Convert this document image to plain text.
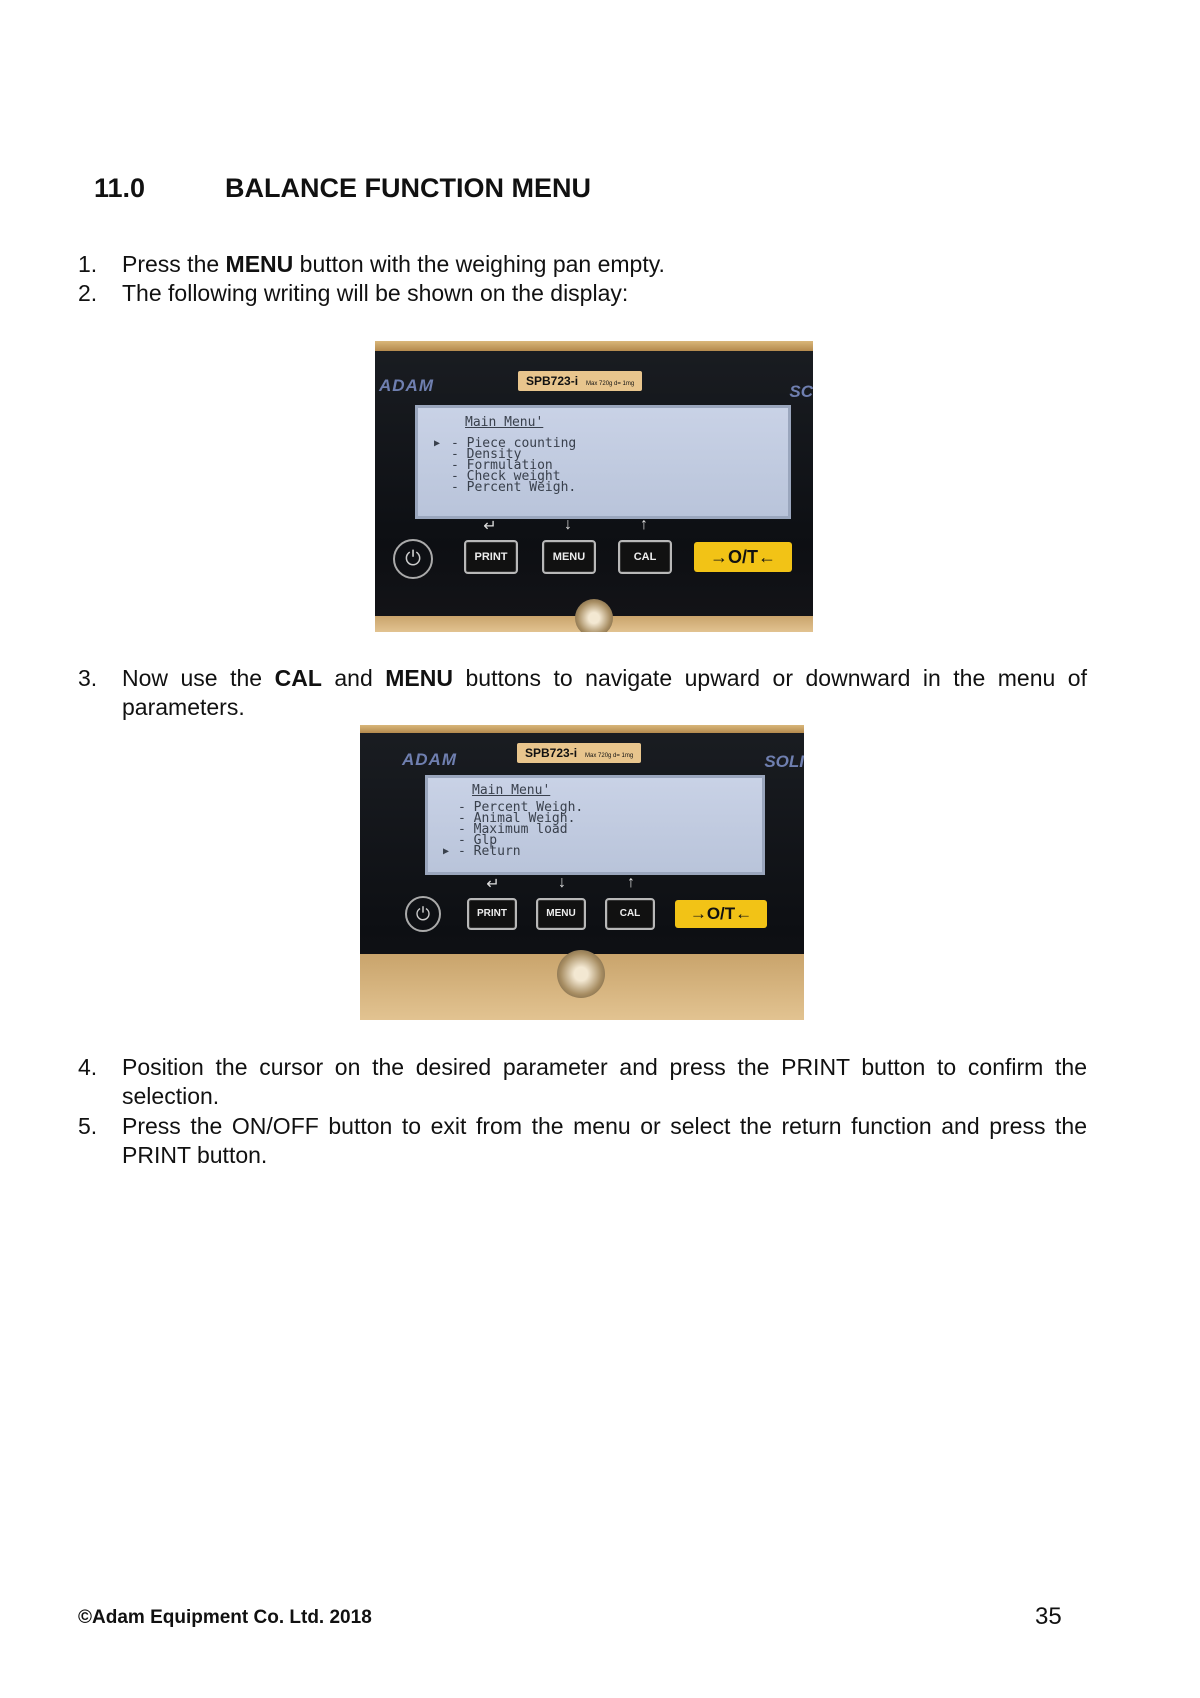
11.0	BALANCE FUNCTION MENU
1. Press the MENU button with the weighing pan empty.
2. The following writing will be shown on the display:
ADAM	SC
SPB723-i Max 720g d= 1mg
Main Menu'
▶ - Piece counting
- Density
- Formulation
- Check weight
- Percent Weigh.
↵	↓	↑
⏻	PRINT	MENU	CAL	→O/T←
3. Now use the CAL and MENU buttons to navigate upward or downward in the menu of parameters.
ADAM	SOLI
SPB723-i Max 720g d= 1mg
Main Menu'
▶
- Percent Weigh.
- Animal Weigh.
- Maximum load
- Glp
- Return
↵	↓	↑
⏻	PRINT	MENU	CAL	→O/T←
4. Position the cursor on the desired parameter and press the PRINT button to confirm the selection.
5. Press the ON/OFF button to exit from the menu or select the return function and press the PRINT button.
©Adam Equipment Co. Ltd. 2018	35
